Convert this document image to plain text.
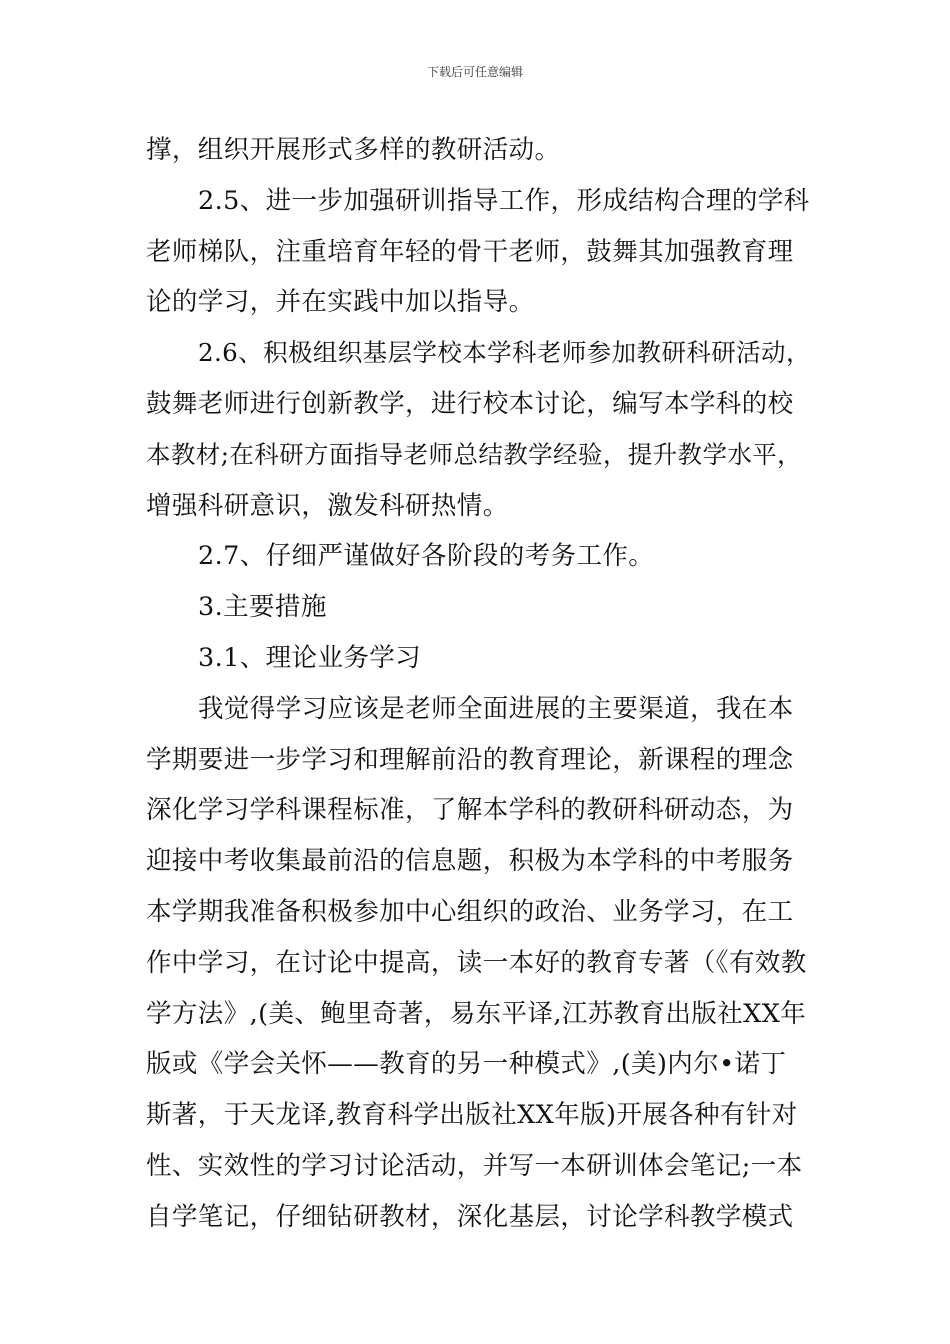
下载后可任意编辑
撑，组织开展形式多样的教研活动。
2.5、进一步加强研训指导工作，形成结构合理的学科
老师梯队，注重培育年轻的骨干老师，鼓舞其加强教育理
论的学习，并在实践中加以指导。
2.6、积极组织基层学校本学科老师参加教研科研活动，
鼓舞老师进行创新教学，进行校本讨论，编写本学科的校
本教材;在科研方面指导老师总结教学经验，提升教学水平，
增强科研意识，激发科研热情。
2.7、仔细严谨做好各阶段的考务工作。
3.主要措施
3.1、理论业务学习
我觉得学习应该是老师全面进展的主要渠道，我在本
学期要进一步学习和理解前沿的教育理论，新课程的理念
深化学习学科课程标准，了解本学科的教研科研动态，为
迎接中考收集最前沿的信息题，积极为本学科的中考服务
本学期我准备积极参加中心组织的政治、业务学习，在工
作中学习，在讨论中提高，读一本好的教育专著（《有效教
学方法》,(美、鲍里奇著，易东平译,江苏教育出版社XX年
版或《学会关怀——教育的另一种模式》,(美)内尔•诺丁
斯著，于天龙译,教育科学出版社XX年版)开展各种有针对
性、实效性的学习讨论活动，并写一本研训体会笔记;一本
自学笔记，仔细钻研教材，深化基层，讨论学科教学模式
